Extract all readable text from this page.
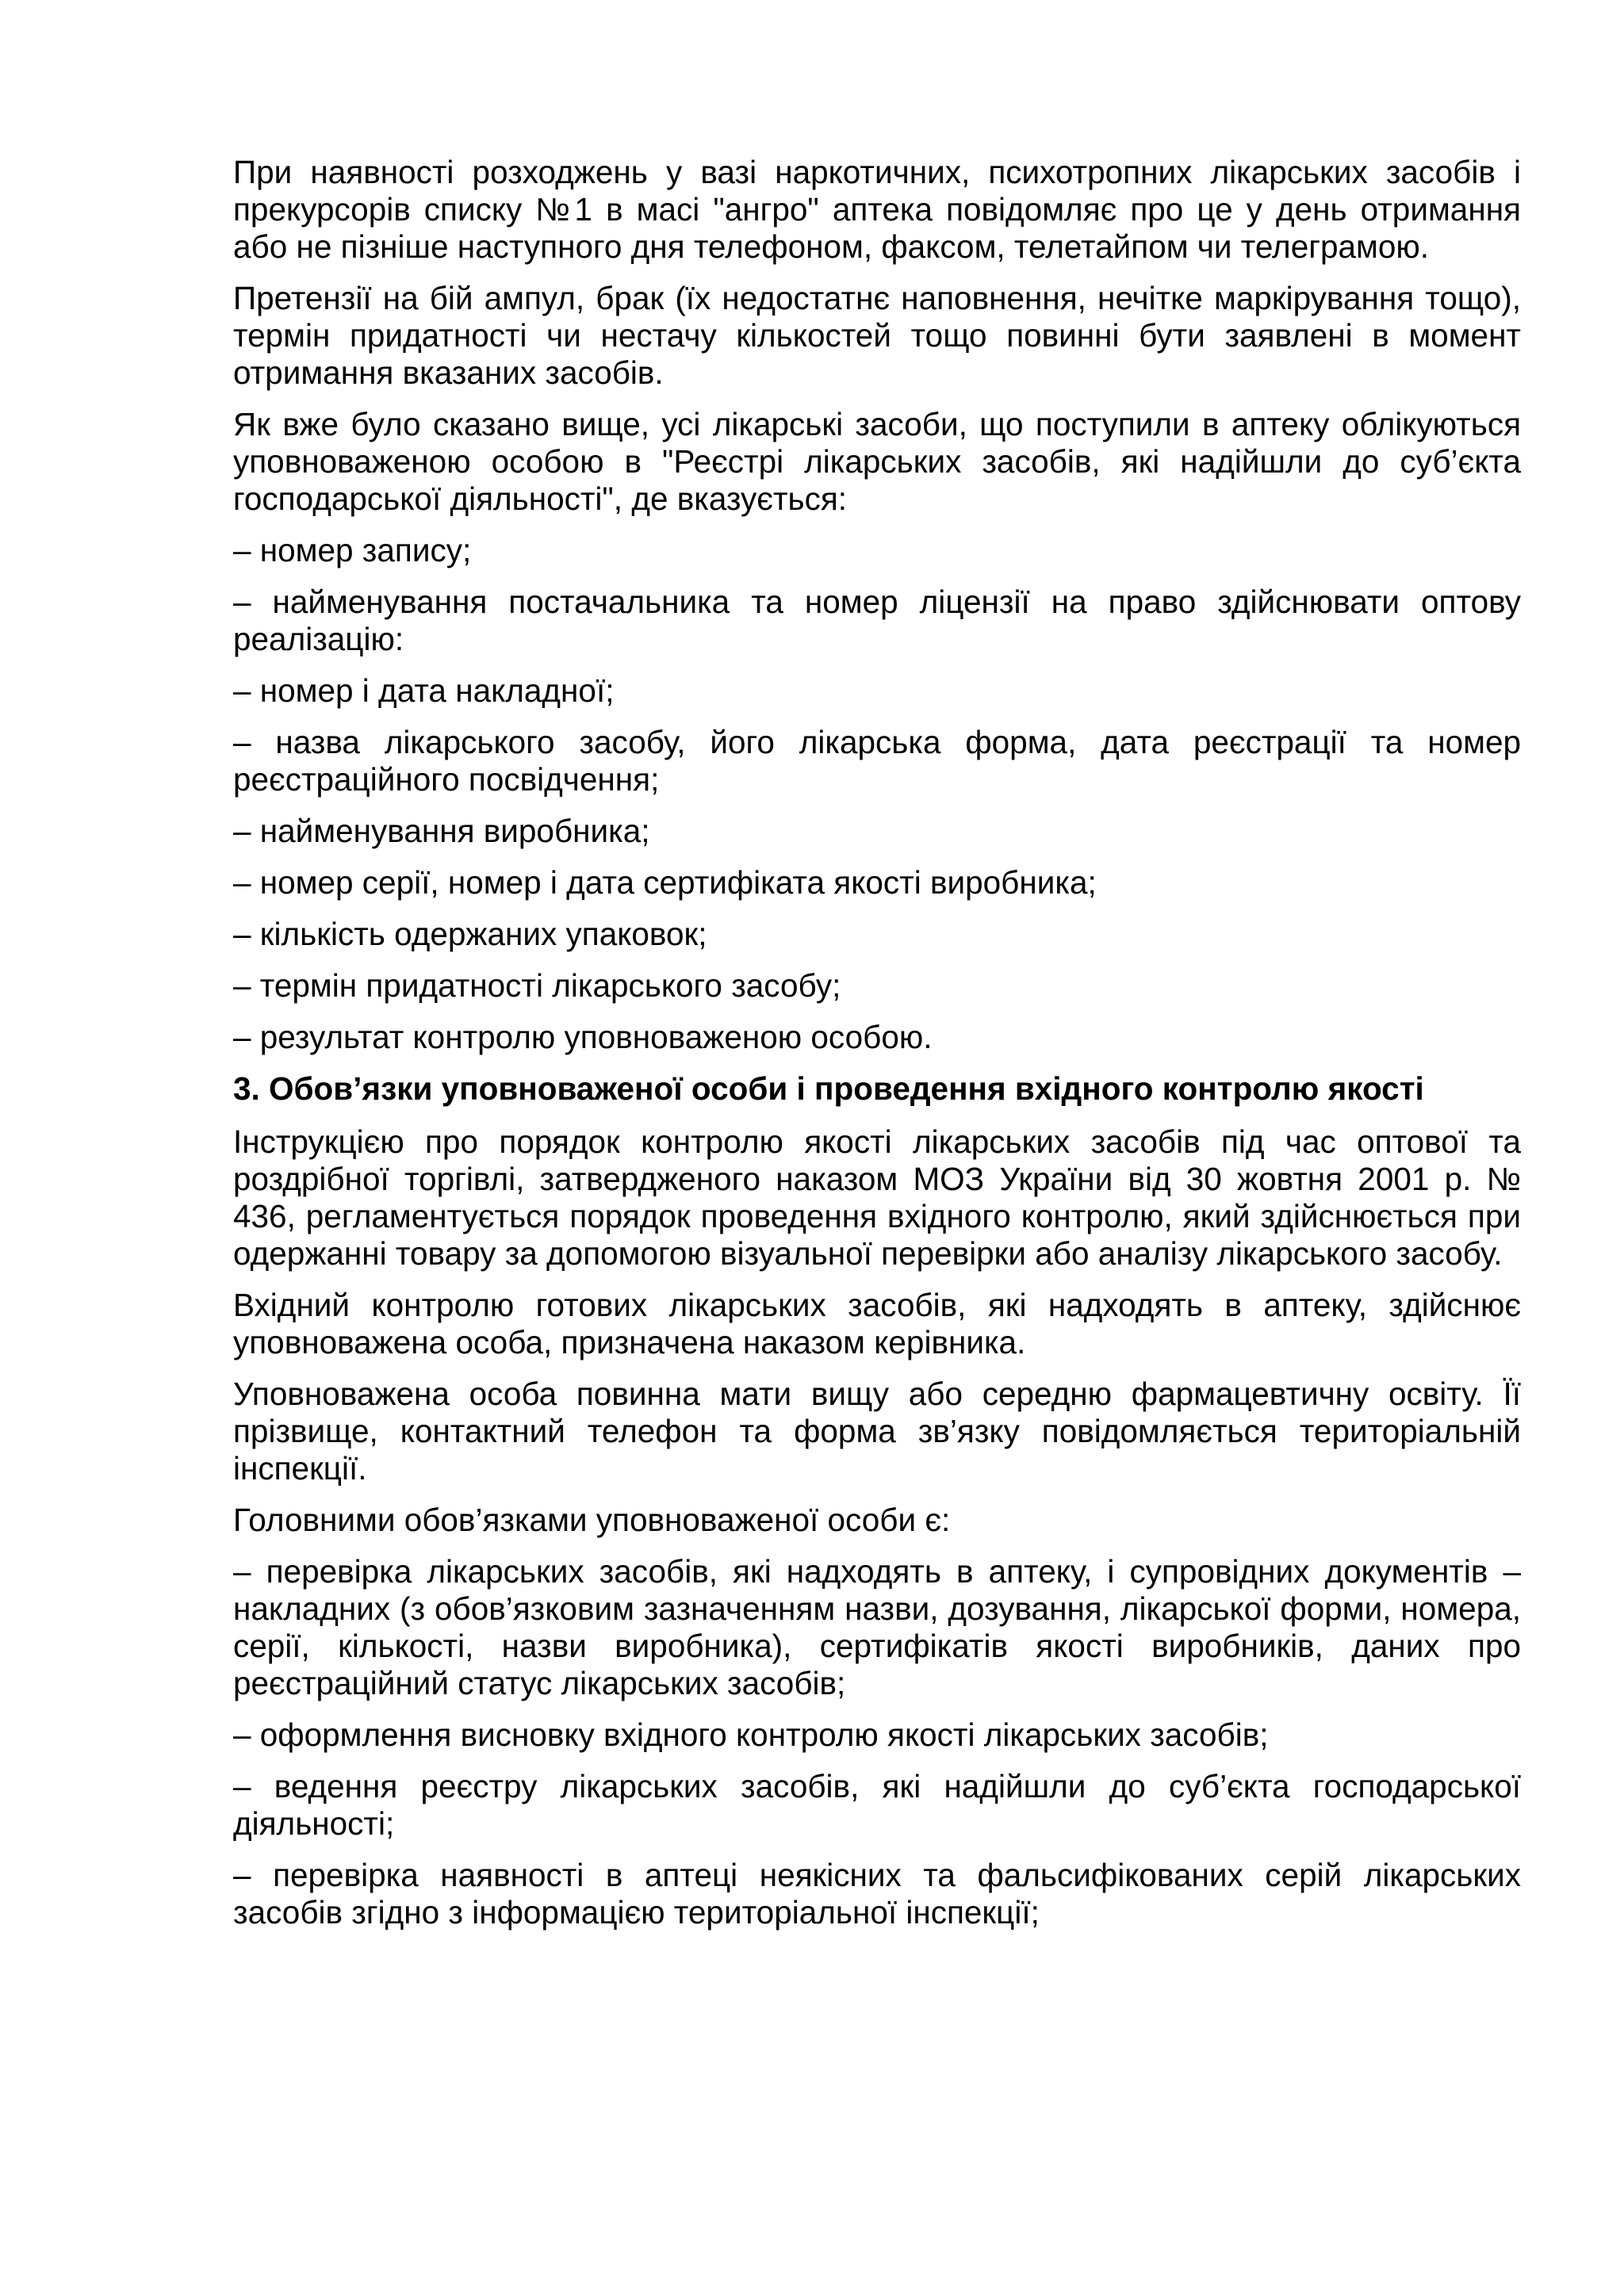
При наявності розходжень у вазі наркотичних, психотропних лікарських засобів і прекурсорів списку №1 в масі "ангро" аптека повідомляє про це у день отримання або не пізніше наступного дня телефоном, факсом, телетайпом чи телеграмою.

Претензії на бій ампул, брак (їх недостатнє наповнення, нечітке маркірування тощо), термін придатності чи нестачу кількостей тощо повинні бути заявлені в момент отримання вказаних засобів.

Як вже було сказано вище, усі лікарські засоби, що поступили в аптеку облікуються уповноваженою особою в "Реєстрі лікарських засобів, які надійшли до суб’єкта господарської діяльності", де вказується:

– номер запису;

– найменування постачальника та номер ліцензії на право здійснювати оптову реалізацію:

– номер і дата накладної;

– назва лікарського засобу, його лікарська форма, дата реєстрації та номер реєстраційного посвідчення;

– найменування виробника;

– номер серії, номер і дата сертифіката якості виробника;

– кількість одержаних упаковок;

– термін придатності лікарського засобу;

– результат контролю уповноваженою особою.

3. Обов’язки уповноваженої особи і проведення вхідного контролю якості

Інструкцією про порядок контролю якості лікарських засобів під час оптової та роздрібної торгівлі, затвердженого наказом МОЗ України від 30 жовтня 2001 р. № 436, регламентується порядок проведення вхідного контролю, який здійснюється при одержанні товару за допомогою візуальної перевірки або аналізу лікарського засобу.

Вхідний контролю готових лікарських засобів, які надходять в аптеку, здійснює уповноважена особа, призначена наказом керівника.

Уповноважена особа повинна мати вищу або середню фармацевтичну освіту. Її прізвище, контактний телефон та форма зв’язку повідомляється територіальній інспекції.

Головними обов’язками уповноваженої особи є:

– перевірка лікарських засобів, які надходять в аптеку, і супровідних документів – накладних (з обов’язковим зазначенням назви, дозування, лікарської форми, номера, серії, кількості, назви виробника), сертифікатів якості виробників, даних про реєстраційний статус лікарських засобів;

– оформлення висновку вхідного контролю якості лікарських засобів;

– ведення реєстру лікарських засобів, які надійшли до суб’єкта господарської діяльності;

– перевірка наявності в аптеці неякісних та фальсифікованих серій лікарських засобів згідно з інформацією територіальної інспекції;
